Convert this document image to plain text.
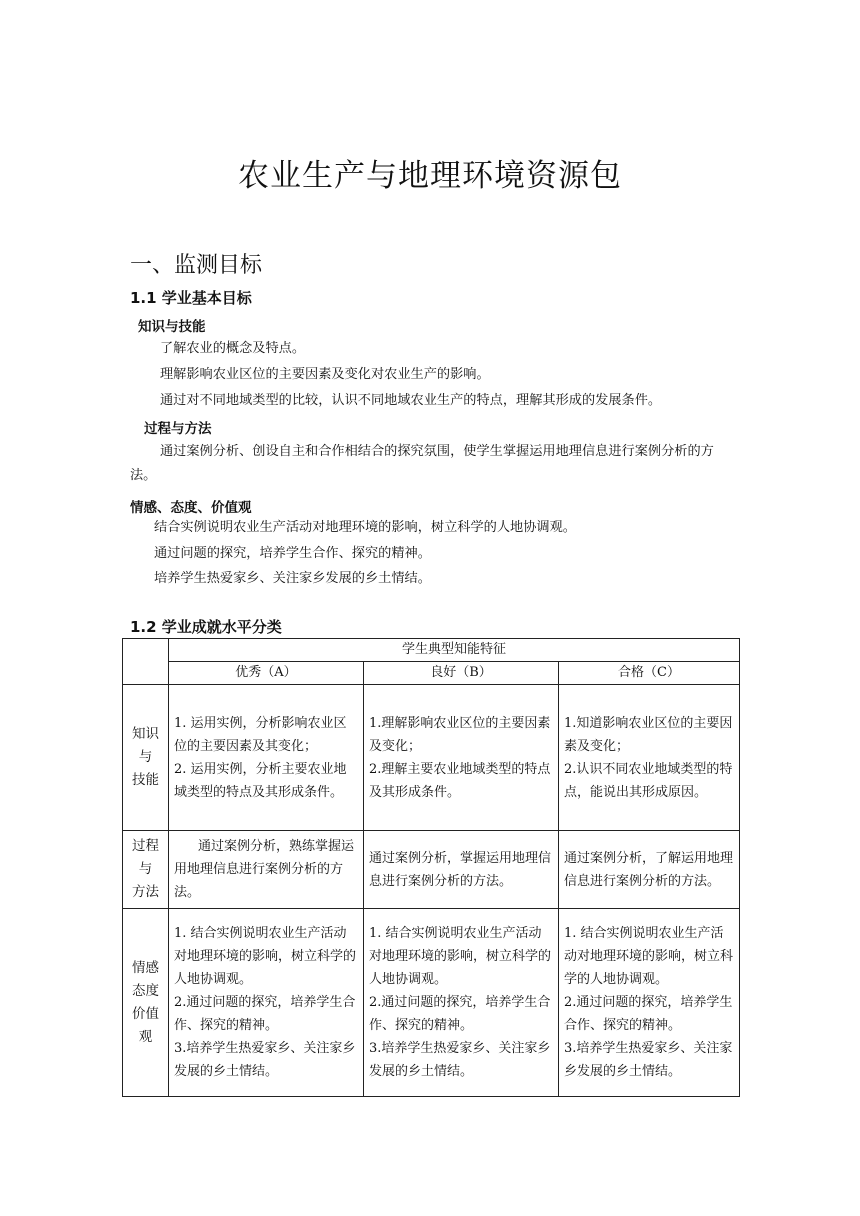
农业生产与地理环境资源包
一、监测目标
1.1 学业基本目标
知识与技能
了解农业的概念及特点。
理解影响农业区位的主要因素及变化对农业生产的影响。
通过对不同地域类型的比较，认识不同地域农业生产的特点，理解其形成的发展条件。
过程与方法
通过案例分析、创设自主和合作相结合的探究氛围，使学生掌握运用地理信息进行案例分析的方法。
情感、态度、价值观
结合实例说明农业生产活动对地理环境的影响，树立科学的人地协调观。
通过问题的探究，培养学生合作、探究的精神。
培养学生热爱家乡、关注家乡发展的乡土情结。
1.2 学业成就水平分类
	学生典型知能特征		
	优秀（A）	良好（B）	合格（C）

知识
与
技能	1. 运用实例，分析影响农业区位的主要因素及其变化；
2. 运用实例，分析主要农业地域类型的特点及其形成条件。	1.理解影响农业区位的主要因素及变化；
2.理解主要农业地域类型的特点及其形成条件。	1.知道影响农业区位的主要因素及变化；
2.认识不同农业地域类型的特点，能说出其形成原因。

过程
与
方法	通过案例分析，熟练掌握运用地理信息进行案例分析的方法。	通过案例分析，掌握运用地理信息进行案例分析的方法。	通过案例分析，了解运用地理信息进行案例分析的方法。

情感
态度
价值
观	1. 结合实例说明农业生产活动对地理环境的影响，树立科学的人地协调观。
2.通过问题的探究，培养学生合作、探究的精神。
3.培养学生热爱家乡、关注家乡发展的乡土情结。	1. 结合实例说明农业生产活动对地理环境的影响，树立科学的人地协调观。
2.通过问题的探究，培养学生合作、探究的精神。
3.培养学生热爱家乡、关注家乡发展的乡土情结。	1. 结合实例说明农业生产活动对地理环境的影响，树立科学的人地协调观。
2.通过问题的探究，培养学生合作、探究的精神。
3.培养学生热爱家乡、关注家乡发展的乡土情结。
